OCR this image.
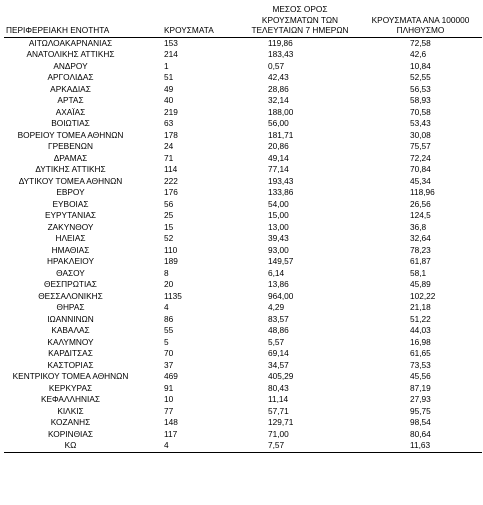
ΠΕΡΙΦΕΡΕΙΑΚΗ ΕΝΟΤΗΤΑ	ΚΡΟΥΣΜΑΤΑ	ΜΕΣΟΣ ΟΡΟΣ
ΚΡΟΥΣΜΑΤΩΝ ΤΩΝ
ΤΕΛΕΥΤΑΙΩΝ 7 ΗΜΕΡΩΝ	ΚΡΟΥΣΜΑΤΑ ΑΝΑ 100000
ΠΛΗΘΥΣΜΟ
ΑΙΤΩΛΟΑΚΑΡΝΑΝΙΑΣ	153	119,86	72,58
ΑΝΑΤΟΛΙΚΗΣ ΑΤΤΙΚΗΣ	214	183,43	42,6
ΑΝΔΡΟΥ	1	0,57	10,84
ΑΡΓΟΛΙΔΑΣ	51	42,43	52,55
ΑΡΚΑΔΙΑΣ	49	28,86	56,53
ΑΡΤΑΣ	40	32,14	58,93
ΑΧΑΪΑΣ	219	188,00	70,58
ΒΟΙΩΤΙΑΣ	63	56,00	53,43
ΒΟΡΕΙΟΥ ΤΟΜΕΑ ΑΘΗΝΩΝ	178	181,71	30,08
ΓΡΕΒΕΝΩΝ	24	20,86	75,57
ΔΡΑΜΑΣ	71	49,14	72,24
ΔΥΤΙΚΗΣ ΑΤΤΙΚΗΣ	114	77,14	70,84
ΔΥΤΙΚΟΥ ΤΟΜΕΑ ΑΘΗΝΩΝ	222	193,43	45,34
ΕΒΡΟΥ	176	133,86	118,96
ΕΥΒΟΙΑΣ	56	54,00	26,56
ΕΥΡΥΤΑΝΙΑΣ	25	15,00	124,5
ΖΑΚΥΝΘΟΥ	15	13,00	36,8
ΗΛΕΙΑΣ	52	39,43	32,64
ΗΜΑΘΙΑΣ	110	93,00	78,23
ΗΡΑΚΛΕΙΟΥ	189	149,57	61,87
ΘΑΣΟΥ	8	6,14	58,1
ΘΕΣΠΡΩΤΙΑΣ	20	13,86	45,89
ΘΕΣΣΑΛΟΝΙΚΗΣ	1135	964,00	102,22
ΘΗΡΑΣ	4	4,29	21,18
ΙΩΑΝΝΙΝΩΝ	86	83,57	51,22
ΚΑΒΑΛΑΣ	55	48,86	44,03
ΚΑΛΥΜΝΟΥ	5	5,57	16,98
ΚΑΡΔΙΤΣΑΣ	70	69,14	61,65
ΚΑΣΤΟΡΙΑΣ	37	34,57	73,53
ΚΕΝΤΡΙΚΟΥ ΤΟΜΕΑ ΑΘΗΝΩΝ	469	405,29	45,56
ΚΕΡΚΥΡΑΣ	91	80,43	87,19
ΚΕΦΑΛΛΗΝΙΑΣ	10	11,14	27,93
ΚΙΛΚΙΣ	77	57,71	95,75
ΚΟΖΑΝΗΣ	148	129,71	98,54
ΚΟΡΙΝΘΙΑΣ	117	71,00	80,64
ΚΩ	4	7,57	11,63
